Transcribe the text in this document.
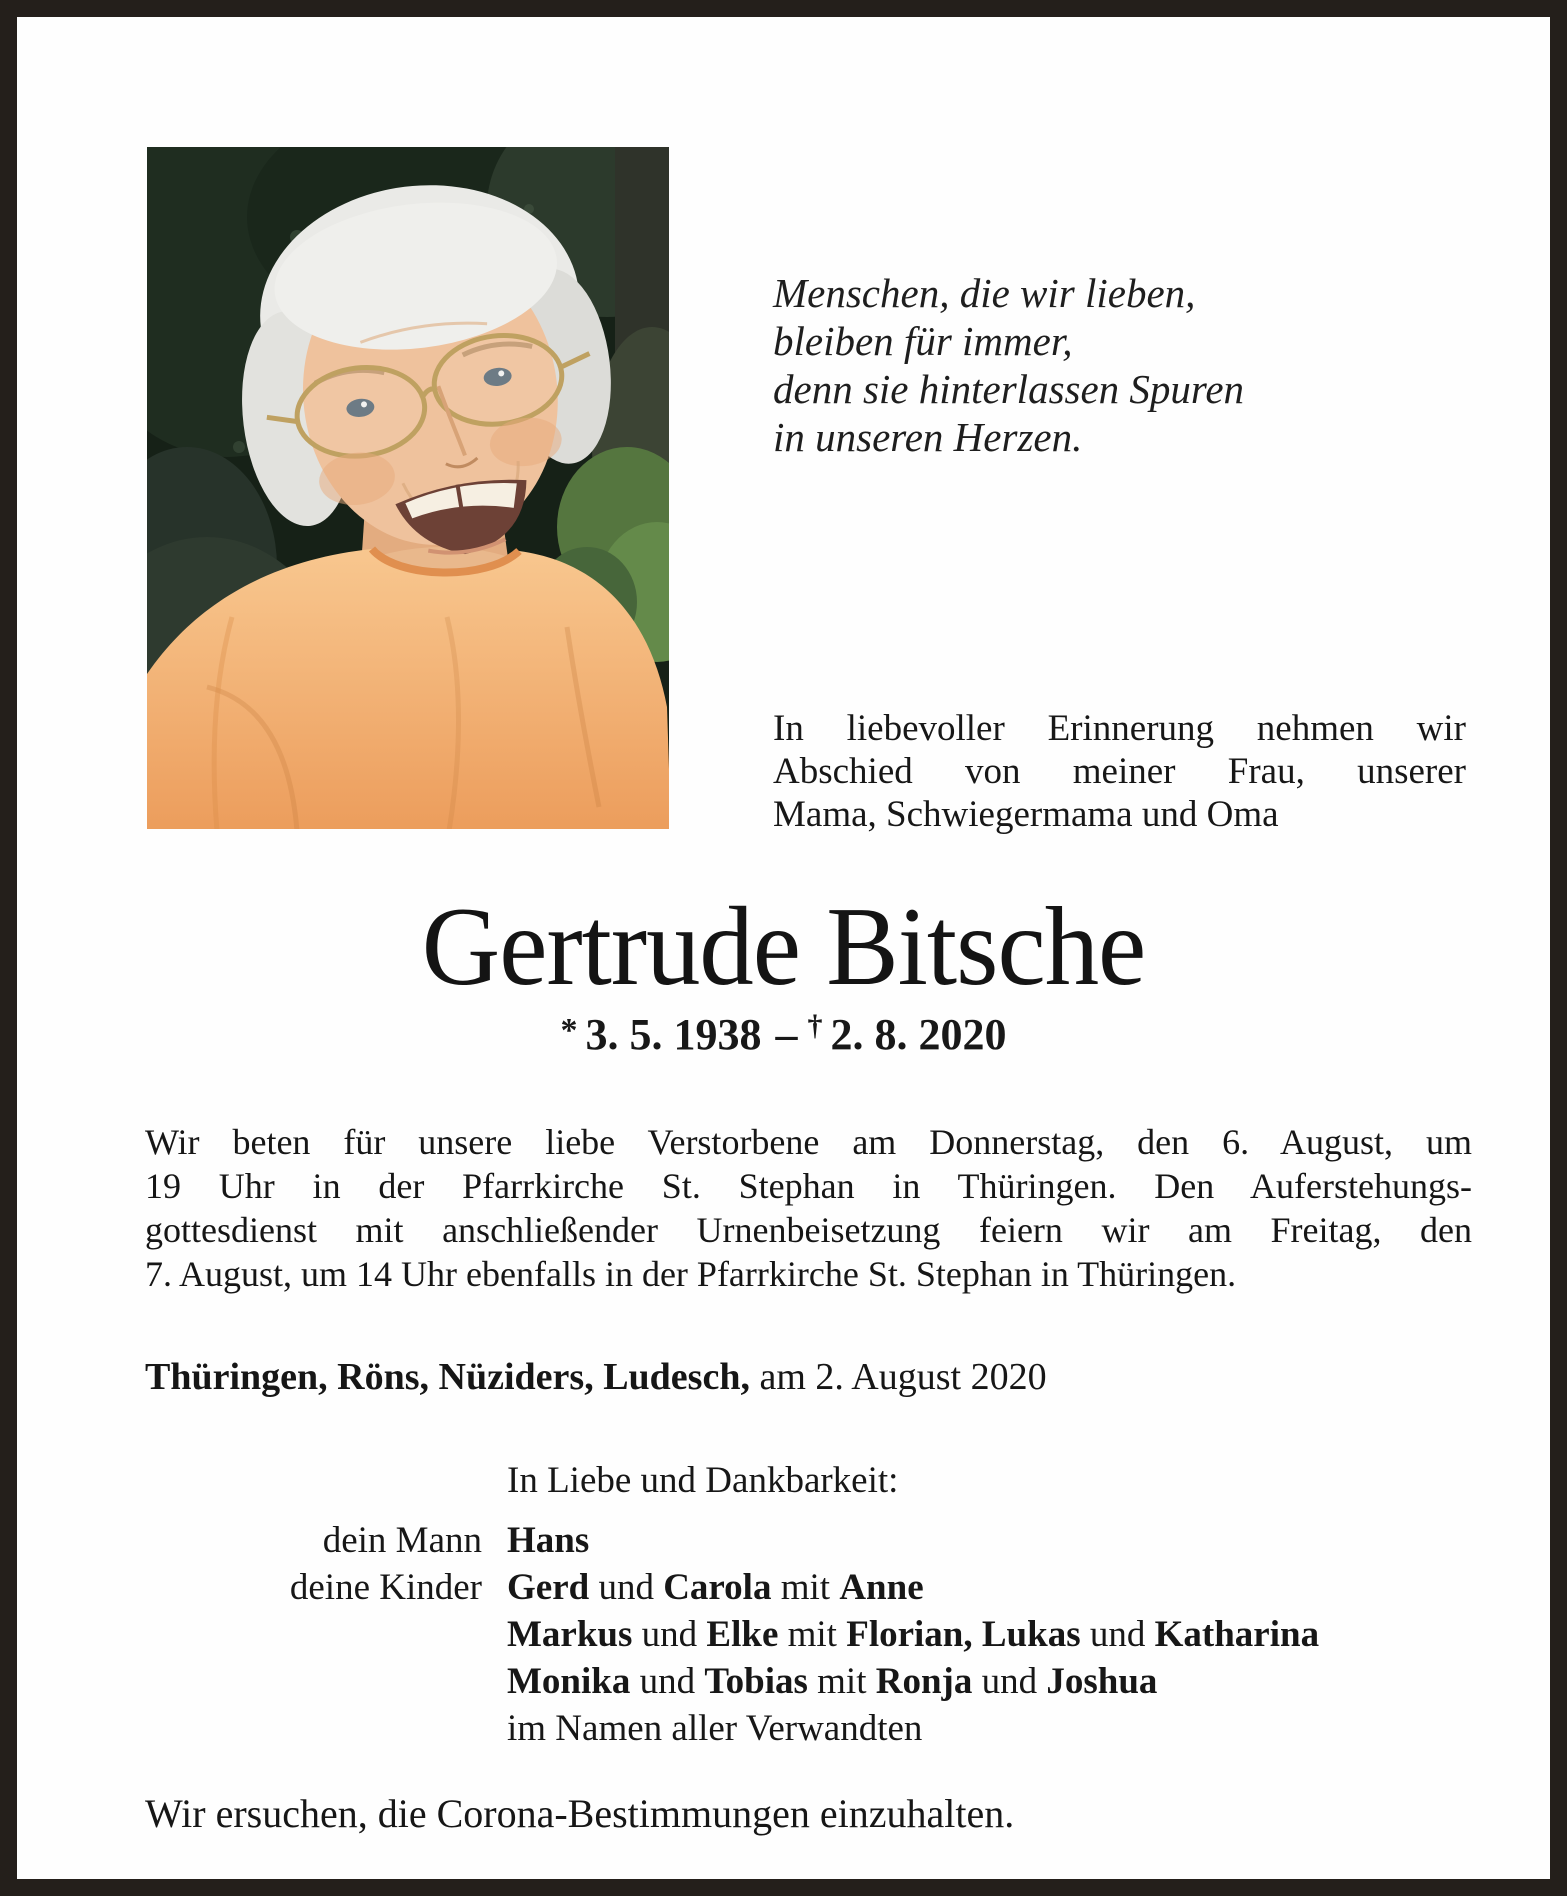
Menschen, die wir lieben,
bleiben für immer,
denn sie hinterlassen Spuren
in unseren Herzen.
In liebevoller Erinnerung nehmen wir
Abschied von meiner Frau, unserer
Mama, Schwiegermama und Oma
Gertrude Bitsche
* 3. 5. 1938 – † 2. 8. 2020
Wir beten für unsere liebe Verstorbene am Donnerstag, den 6. August, um
19 Uhr in der Pfarrkirche St. Stephan in Thüringen. Den Auferstehungs-
gottesdienst mit anschließender Urnenbeisetzung feiern wir am Freitag, den
7. August, um 14 Uhr ebenfalls in der Pfarrkirche St. Stephan in Thüringen.
Thüringen, Röns, Nüziders, Ludesch, am 2. August 2020
In Liebe und Dankbarkeit:
dein Mann Hans
deine Kinder Gerd und Carola mit Anne
Markus und Elke mit Florian, Lukas und Katharina
Monika und Tobias mit Ronja und Joshua
im Namen aller Verwandten
Wir ersuchen, die Corona-Bestimmungen einzuhalten.
